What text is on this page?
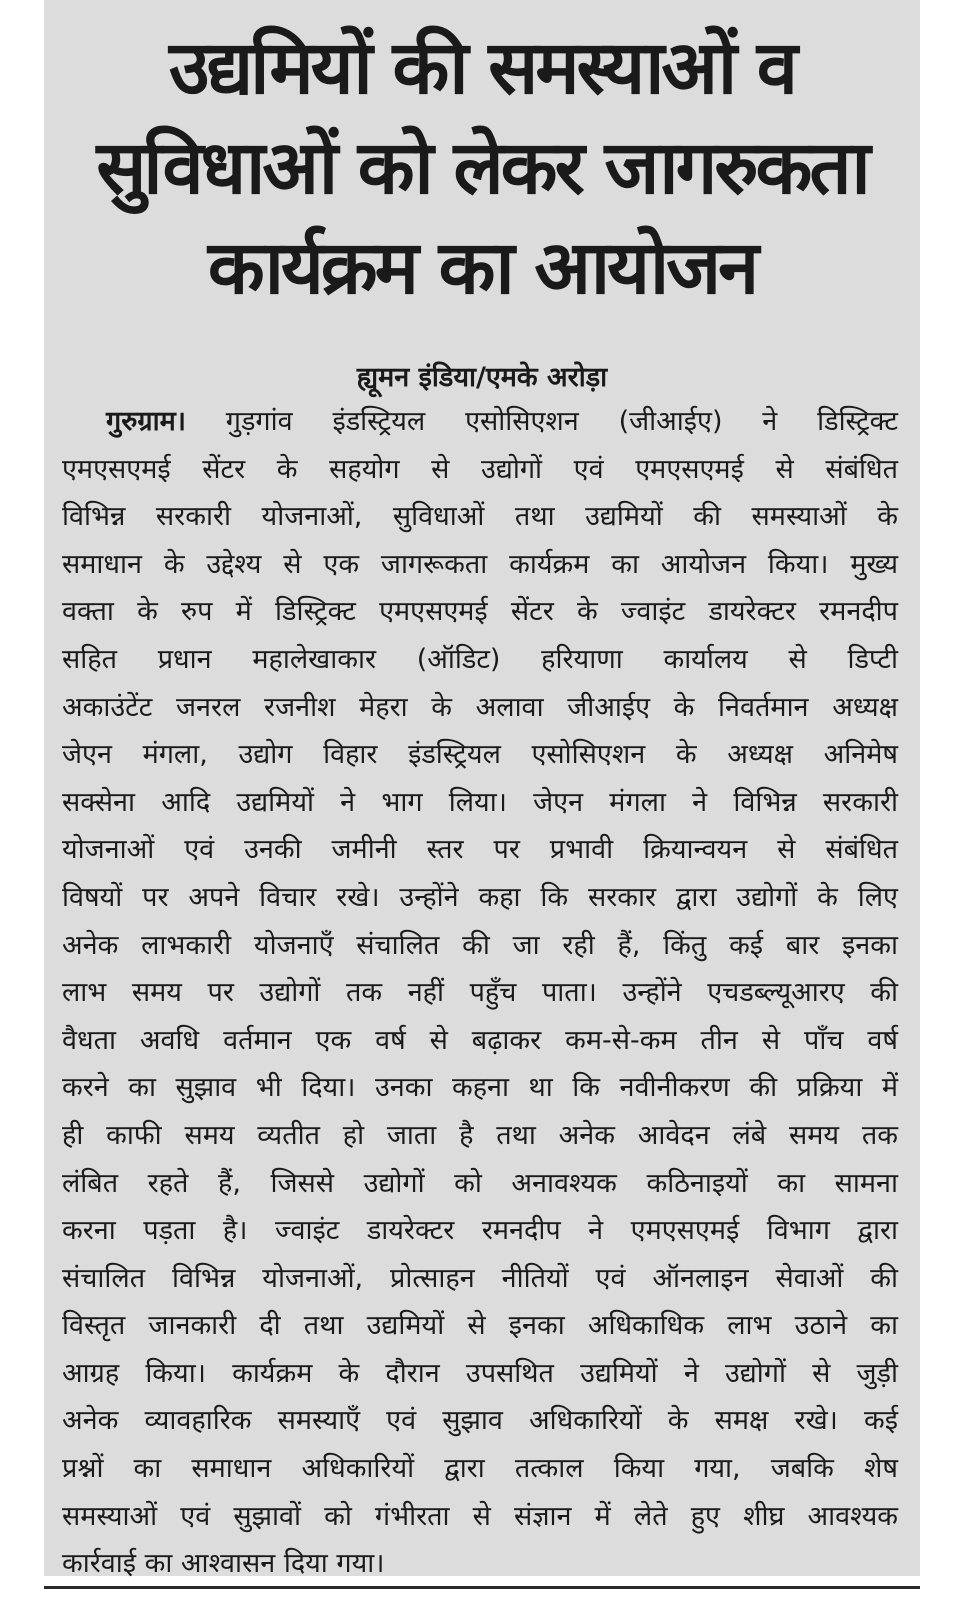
उद्यमियों की समस्याओं व
सुविधाओं को लेकर जागरुकता
कार्यक्रम का आयोजन

ह्यूमन इंडिया/एमके अरोड़ा

गुरुग्राम। गुड़गांव इंडस्ट्रियल एसोसिएशन (जीआईए) ने डिस्ट्रिक्ट
एमएसएमई सेंटर के सहयोग से उद्योगों एवं एमएसएमई से संबंधित
विभिन्न सरकारी योजनाओं, सुविधाओं तथा उद्यमियों की समस्याओं के
समाधान के उद्देश्य से एक जागरूकता कार्यक्रम का आयोजन किया। मुख्य
वक्ता के रुप में डिस्ट्रिक्ट एमएसएमई सेंटर के ज्वाइंट डायरेक्टर रमनदीप
सहित प्रधान महालेखाकार (ऑडिट) हरियाणा कार्यालय से डिप्टी
अकाउंटेंट जनरल रजनीश मेहरा के अलावा जीआईए के निवर्तमान अध्यक्ष
जेएन मंगला, उद्योग विहार इंडस्ट्रियल एसोसिएशन के अध्यक्ष अनिमेष
सक्सेना आदि उद्यमियों ने भाग लिया। जेएन मंगला ने विभिन्न सरकारी
योजनाओं एवं उनकी जमीनी स्तर पर प्रभावी क्रियान्वयन से संबंधित
विषयों पर अपने विचार रखे। उन्होंने कहा कि सरकार द्वारा उद्योगों के लिए
अनेक लाभकारी योजनाएँ संचालित की जा रही हैं, किंतु कई बार इनका
लाभ समय पर उद्योगों तक नहीं पहुँच पाता। उन्होंने एचडब्ल्यूआरए की
वैधता अवधि वर्तमान एक वर्ष से बढ़ाकर कम-से-कम तीन से पाँच वर्ष
करने का सुझाव भी दिया। उनका कहना था कि नवीनीकरण की प्रक्रिया में
ही काफी समय व्यतीत हो जाता है तथा अनेक आवेदन लंबे समय तक
लंबित रहते हैं, जिससे उद्योगों को अनावश्यक कठिनाइयों का सामना
करना पड़ता है। ज्वाइंट डायरेक्टर रमनदीप ने एमएसएमई विभाग द्वारा
संचालित विभिन्न योजनाओं, प्रोत्साहन नीतियों एवं ऑनलाइन सेवाओं की
विस्तृत जानकारी दी तथा उद्यमियों से इनका अधिकाधिक लाभ उठाने का
आग्रह किया। कार्यक्रम के दौरान उपसथित उद्यमियों ने उद्योगों से जुड़ी
अनेक व्यावहारिक समस्याएँ एवं सुझाव अधिकारियों के समक्ष रखे। कई
प्रश्नों का समाधान अधिकारियों द्वारा तत्काल किया गया, जबकि शेष
समस्याओं एवं सुझावों को गंभीरता से संज्ञान में लेते हुए शीघ्र आवश्यक
कार्रवाई का आश्वासन दिया गया।
